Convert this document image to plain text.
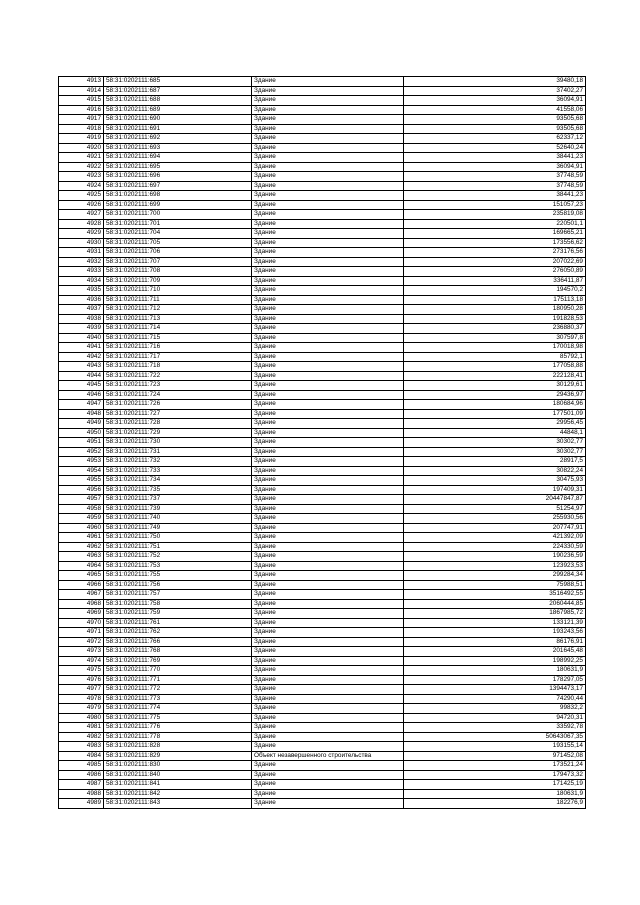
4913	58:31:0202111:685	Здание	39480,18
4914	58:31:0202111:687	Здание	37402,27
4915	58:31:0202111:688	Здание	36094,91
4916	58:31:0202111:689	Здание	41558,06
4917	58:31:0202111:690	Здание	93505,68
4918	58:31:0202111:691	Здание	93505,68
4919	58:31:0202111:692	Здание	62337,12
4920	58:31:0202111:693	Здание	52640,24
4921	58:31:0202111:694	Здание	38441,23
4922	58:31:0202111:695	Здание	36094,91
4923	58:31:0202111:696	Здание	37748,59
4924	58:31:0202111:697	Здание	37748,59
4925	58:31:0202111:698	Здание	38441,23
4926	58:31:0202111:699	Здание	151057,23
4927	58:31:0202111:700	Здание	235819,08
4928	58:31:0202111:701	Здание	220501,1
4929	58:31:0202111:704	Здание	169665,21
4930	58:31:0202111:705	Здание	173556,62
4931	58:31:0202111:706	Здание	273176,56
4932	58:31:0202111:707	Здание	207022,69
4933	58:31:0202111:708	Здание	276050,89
4934	58:31:0202111:709	Здание	336411,87
4935	58:31:0202111:710	Здание	194570,2
4936	58:31:0202111:711	Здание	175113,18
4937	58:31:0202111:712	Здание	180950,28
4938	58:31:0202111:713	Здание	191828,53
4939	58:31:0202111:714	Здание	236880,37
4940	58:31:0202111:715	Здание	307597,8
4941	58:31:0202111:716	Здание	170018,98
4942	58:31:0202111:717	Здание	85792,1
4943	58:31:0202111:718	Здание	177058,88
4944	58:31:0202111:722	Здание	222128,41
4945	58:31:0202111:723	Здание	30129,61
4946	58:31:0202111:724	Здание	29436,97
4947	58:31:0202111:726	Здание	180684,96
4948	58:31:0202111:727	Здание	177501,09
4949	58:31:0202111:728	Здание	29956,45
4950	58:31:0202111:729	Здание	44848,1
4951	58:31:0202111:730	Здание	30302,77
4952	58:31:0202111:731	Здание	30302,77
4953	58:31:0202111:732	Здание	28917,5
4954	58:31:0202111:733	Здание	30822,24
4955	58:31:0202111:734	Здание	30475,93
4956	58:31:0202111:735	Здание	197409,31
4957	58:31:0202111:737	Здание	20447847,87
4958	58:31:0202111:739	Здание	51254,97
4959	58:31:0202111:740	Здание	255930,56
4960	58:31:0202111:749	Здание	207747,91
4961	58:31:0202111:750	Здание	421392,09
4962	58:31:0202111:751	Здание	224330,59
4963	58:31:0202111:752	Здание	190236,59
4964	58:31:0202111:753	Здание	123923,53
4965	58:31:0202111:755	Здание	299284,34
4966	58:31:0202111:756	Здание	75988,51
4967	58:31:0202111:757	Здание	3516492,55
4968	58:31:0202111:758	Здание	2060444,85
4969	58:31:0202111:759	Здание	1867985,72
4970	58:31:0202111:761	Здание	133121,39
4971	58:31:0202111:762	Здание	193243,56
4972	58:31:0202111:766	Здание	86176,91
4973	58:31:0202111:768	Здание	201645,48
4974	58:31:0202111:769	Здание	198992,25
4975	58:31:0202111:770	Здание	180631,9
4976	58:31:0202111:771	Здание	178297,05
4977	58:31:0202111:772	Здание	1394473,17
4978	58:31:0202111:773	Здание	74290,44
4979	58:31:0202111:774	Здание	99832,2
4980	58:31:0202111:775	Здание	94720,31
4981	58:31:0202111:776	Здание	33592,78
4982	58:31:0202111:778	Здание	50643067,35
4983	58:31:0202111:828	Здание	193155,14
4984	58:31:0202111:829	Объект незавершенного строительства	971452,08
4985	58:31:0202111:830	Здание	173521,24
4986	58:31:0202111:840	Здание	179473,32
4987	58:31:0202111:841	Здание	171425,19
4988	58:31:0202111:842	Здание	180631,9
4989	58:31:0202111:843	Здание	182276,9
